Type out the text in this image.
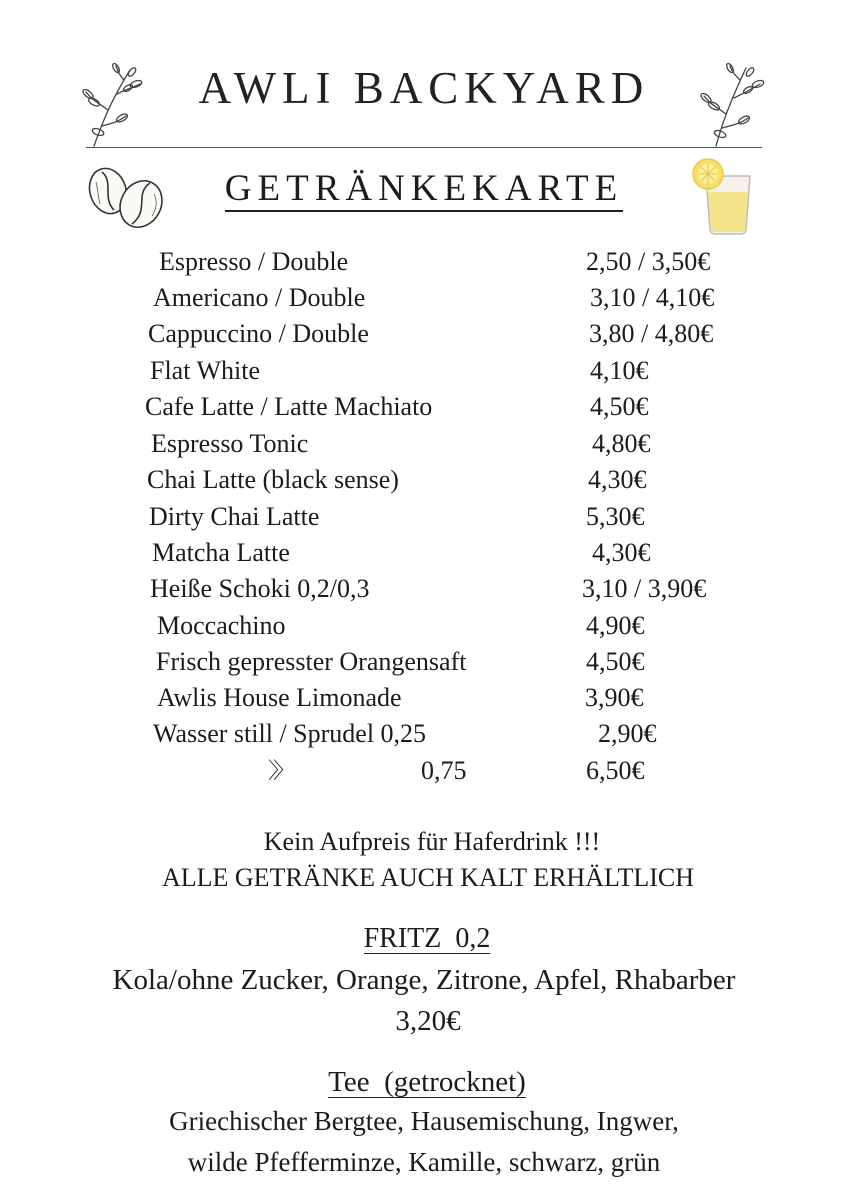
AWLI BACKYARD
GETRÄNKEKARTE
Espresso / Double	2,50 / 3,50€
Americano / Double	3,10 / 4,10€
Cappuccino / Double	3,80 / 4,80€
Flat White	4,10€
Cafe Latte / Latte Machiato	4,50€
Espresso Tonic	4,80€
Chai Latte (black sense)	4,30€
Dirty Chai Latte	5,30€
Matcha Latte	4,30€
Heiße Schoki 0,2/0,3	3,10 / 3,90€
Moccachino	4,90€
Frisch gepresster Orangensaft	4,50€
Awlis House Limonade	3,90€
Wasser still / Sprudel 0,25	2,90€
〉〉	0,75	6,50€
Kein Aufpreis für Haferdrink !!!
ALLE GETRÄNKE AUCH KALT ERHÄLTLICH
FRITZ  0,2
Kola/ohne Zucker, Orange, Zitrone, Apfel, Rhabarber
3,20€
Tee  (getrocknet)
Griechischer Bergtee, Hausemischung, Ingwer,
wilde Pfefferminze, Kamille, schwarz, grün
